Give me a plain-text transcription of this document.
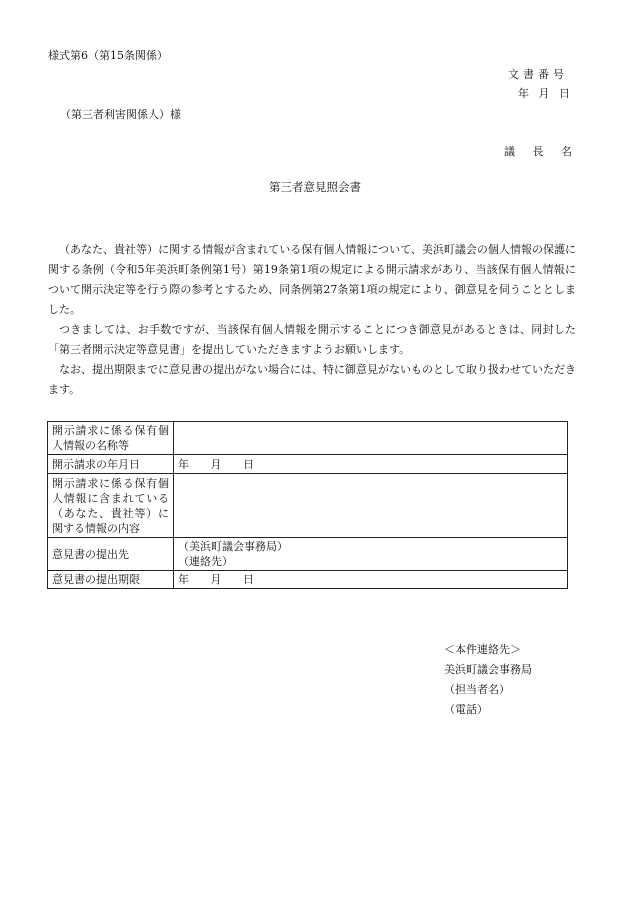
様式第6（第15条関係）
文書番号
年 月 日
（第三者利害関係人）様
議 長 名
第三者意見照会書

（あなた、貴社等）に関する情報が含まれている保有個人情報について、美浜町議会の個人情報の保護に関する条例（令和5年美浜町条例第1号）第19条第1項の規定による開示請求があり、当該保有個人情報について開示決定等を行う際の参考とするため、同条例第27条第1項の規定により、御意見を伺うこととしました。

つきましては、お手数ですが、当該保有個人情報を開示することにつき御意見があるときは、同封した「第三者開示決定等意見書」を提出していただきますようお願いします。

なお、提出期限までに意見書の提出がない場合には、特に御意見がないものとして取り扱わせていただきます。

開示請求に係る保有個人情報の名称等	
開示請求の年月日	年 月 日
開示請求に係る保有個人情報に含まれている（あなた、貴社等）に関する情報の内容	
意見書の提出先	（美浜町議会事務局）
（連絡先）

意見書の提出期限	年 月 日
＜本件連絡先＞
美浜町議会事務局
（担当者名）
（電話）
